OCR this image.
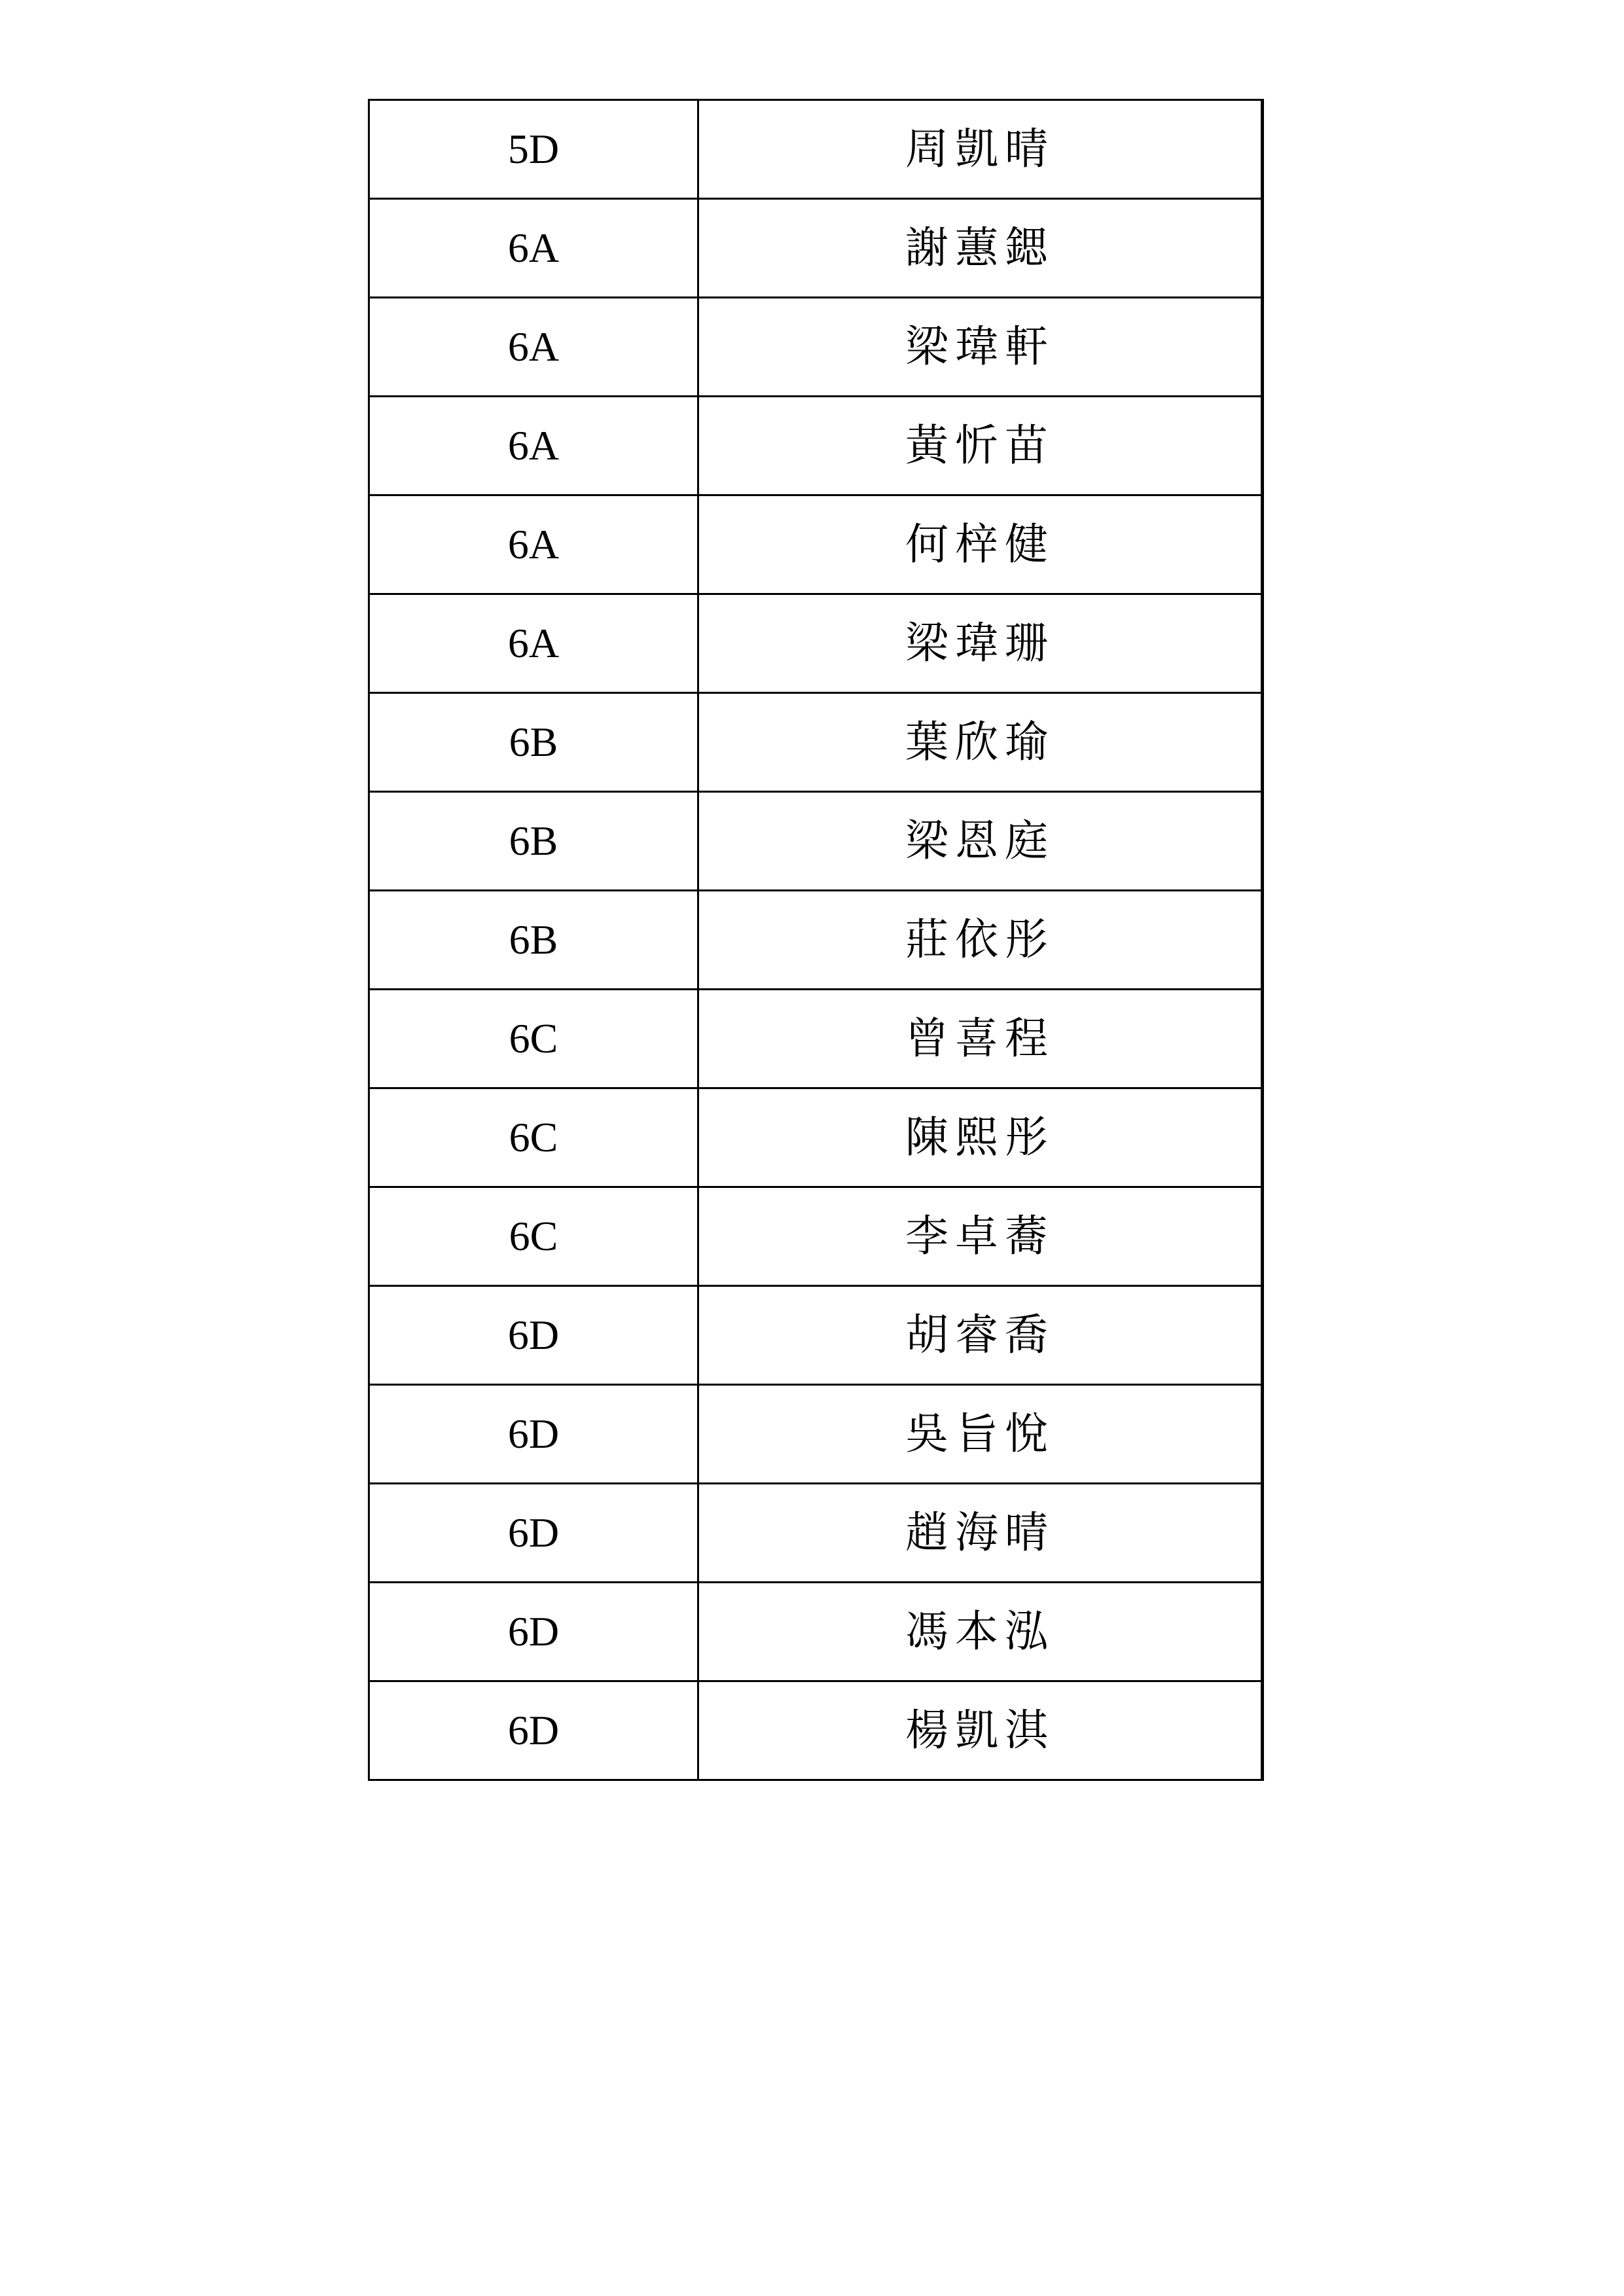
5D	周凱晴
6A	謝蕙鍶
6A	梁瑋軒
6A	黃忻苗
6A	何梓健
6A	梁瑋珊
6B	葉欣瑜
6B	梁恩庭
6B	莊依彤
6C	曾喜程
6C	陳熙彤
6C	李卓蕎
6D	胡睿喬
6D	吳旨悅
6D	趙海晴
6D	馮本泓
6D	楊凱淇
